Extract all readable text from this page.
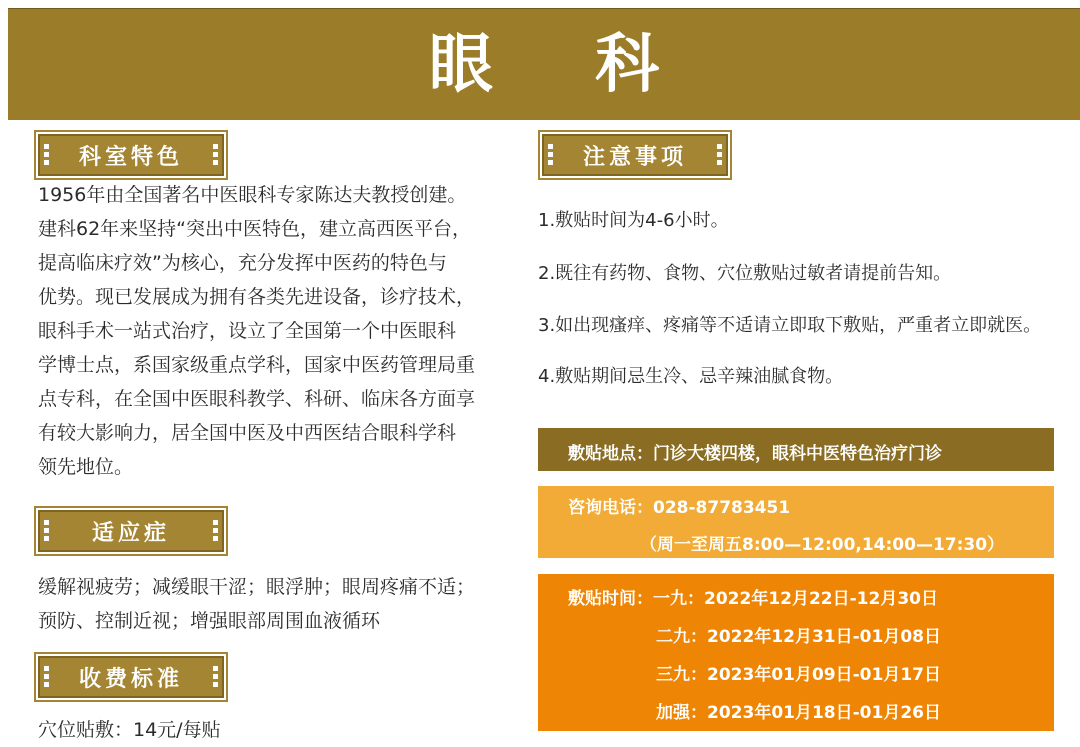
眼 科
科室特色

1956年由全国著名中医眼科专家陈达夫教授创建。

建科62年来坚持“突出中医特色，建立高西医平台，

提高临床疗效”为核心，充分发挥中医药的特色与

优势。现已发展成为拥有各类先进设备，诊疗技术，

眼科手术一站式治疗，设立了全国第一个中医眼科

学博士点，系国家级重点学科，国家中医药管理局重

点专科，在全国中医眼科教学、科研、临床各方面享

有较大影响力，居全国中医及中西医结合眼科学科

领先地位。

适应症

缓解视疲劳；减缓眼干涩；眼浮肿；眼周疼痛不适；

预防、控制近视；增强眼部周围血液循环

收费标准

穴位贴敷：14元/每贴

注意事项
1.敷贴时间为4-6小时。
2.既往有药物、食物、穴位敷贴过敏者请提前告知。
3.如出现瘙痒、疼痛等不适请立即取下敷贴，严重者立即就医。
4.敷贴期间忌生冷、忌辛辣油腻食物。
敷贴地点：门诊大楼四楼，眼科中医特色治疗门诊
咨询电话：028-87783451
（周一至周五8:00—12:00,14:00—17:30）
敷贴时间：一九：2022年12月22日-12月30日
二九：2022年12月31日-01月08日
三九：2023年01月09日-01月17日
加强：2023年01月18日-01月26日
